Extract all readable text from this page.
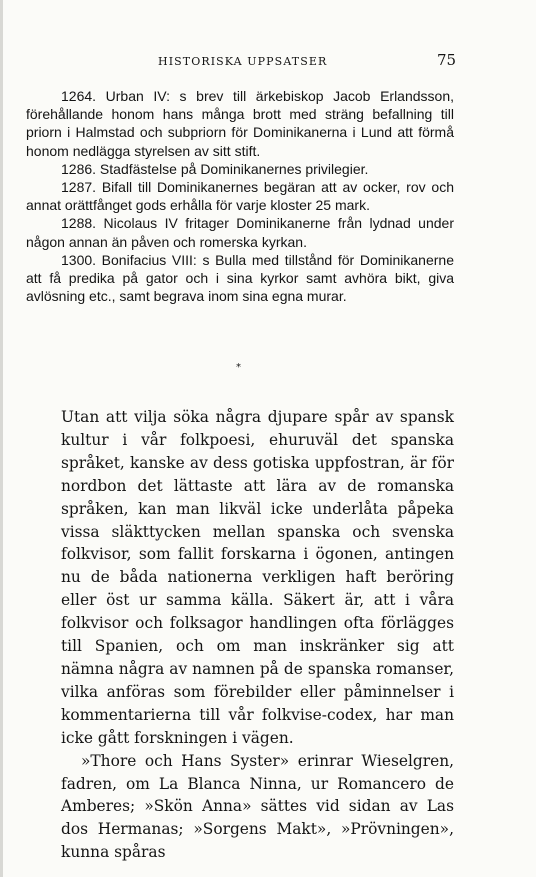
HISTORISKA UPPSATSER	75

1264. Urban IV: s brev till ärkebiskop Jacob Erlandsson, förehållande honom hans många brott med sträng befallning till priorn i Halmstad och subpriorn för Dominikanerna i Lund att förmå honom nedlägga styrelsen av sitt stift.

1286. Stadfästelse på Dominikanernes privilegier.

1287. Bifall till Dominikanernes begäran att av ocker, rov och annat orättfånget gods erhålla för varje kloster 25 mark.

1288. Nicolaus IV fritager Dominikanerne från lydnad under någon annan än påven och romerska kyrkan.

1300. Bonifacius VIII: s Bulla med tillstånd för Dominikanerne att få predika på gator och i sina kyrkor samt avhöra bikt, giva avlösning etc., samt begrava inom sina egna murar.

*

Utan att vilja söka några djupare spår av spansk kultur i vår folkpoesi, ehuruväl det spanska språket, kanske av dess gotiska uppfostran, är för nordbon det lättaste att lära av de romanska språken, kan man likväl icke underlåta påpeka vissa släkttycken mellan spanska och svenska folkvisor, som fallit forskarna i ögonen, antingen nu de båda nationerna verkligen haft beröring eller öst ur samma källa. Säkert är, att i våra folkvisor och folksagor handlingen ofta förlägges till Spanien, och om man inskränker sig att nämna några av namnen på de spanska romanser, vilka anföras som förebilder eller påminnelser i kommentarierna till vår folkvise-codex, har man icke gått forskningen i vägen.

»Thore och Hans Syster» erinrar Wieselgren, fadren, om La Blanca Ninna, ur Romancero de Amberes; »Skön Anna» sättes vid sidan av Las dos Hermanas; »Sorgens Makt», »Prövningen», kunna spåras
